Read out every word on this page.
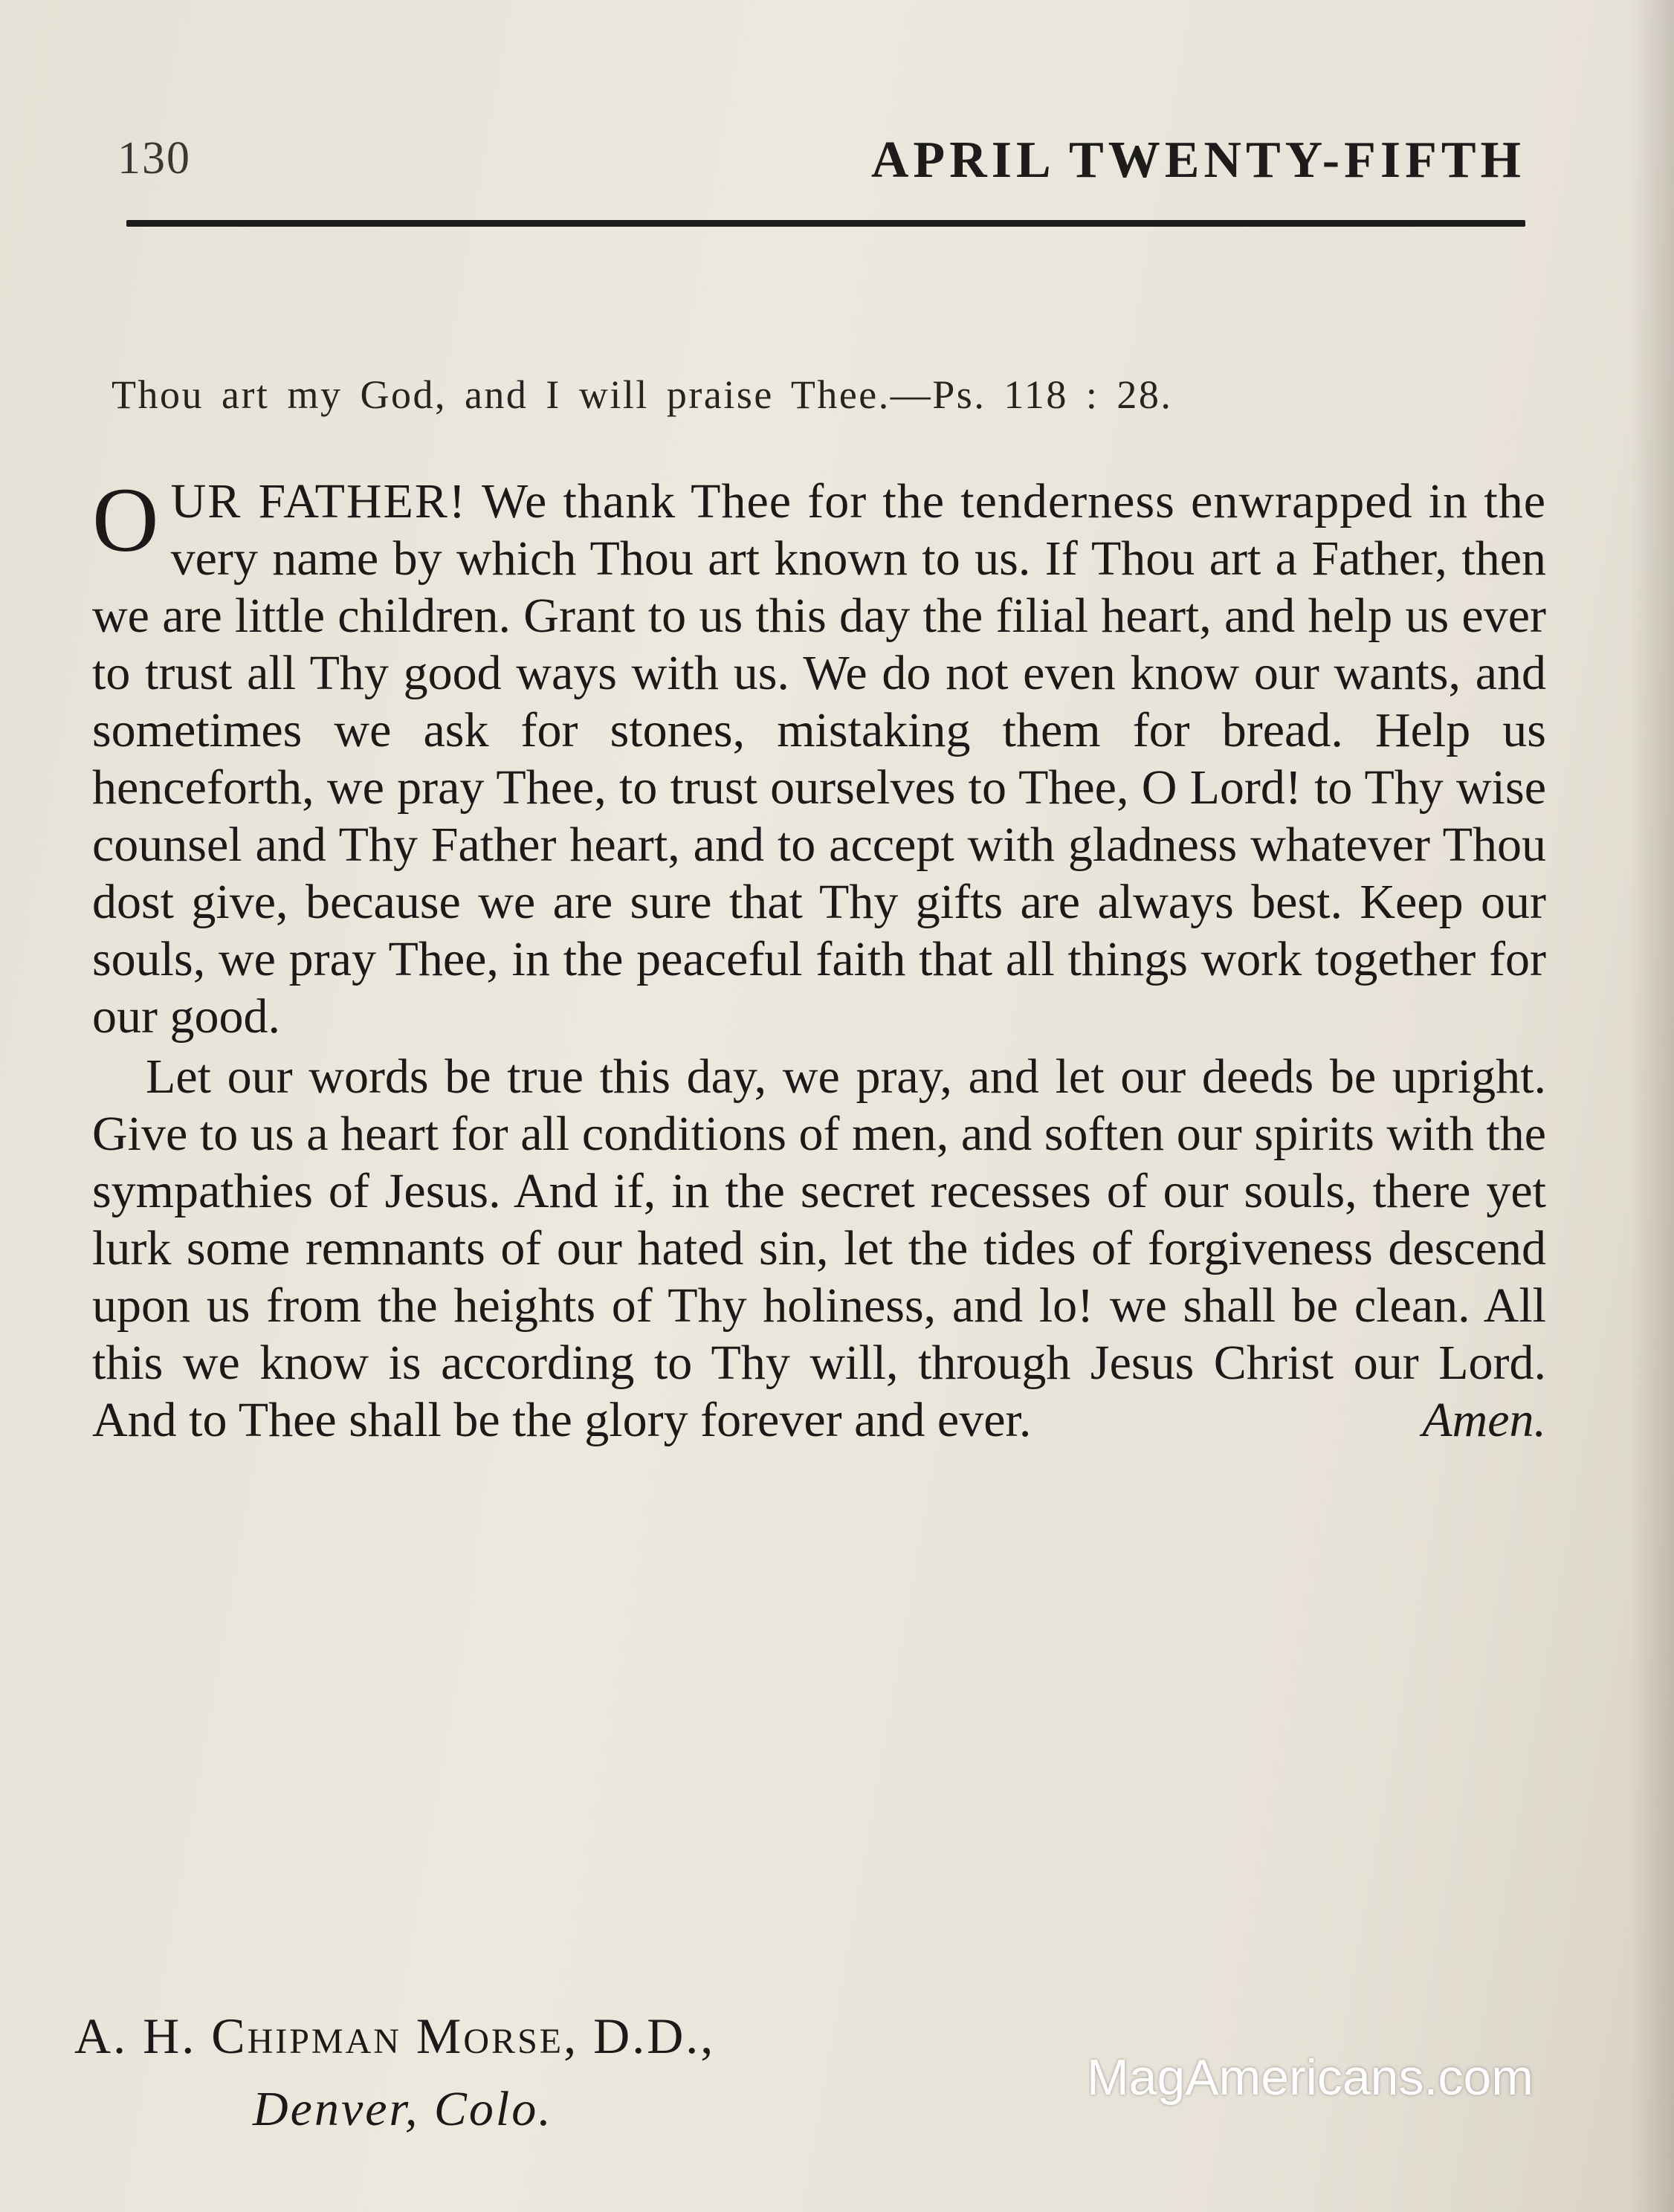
130	APRIL TWENTY-FIFTH
Thou art my God, and I will praise Thee.—Ps. 118 : 28.

OUR FATHER! We thank Thee for the tenderness enwrapped in the very name by which Thou art known to us. If Thou art a Father, then we are little children. Grant to us this day the filial heart, and help us ever to trust all Thy good ways with us. We do not even know our wants, and sometimes we ask for stones, mistaking them for bread. Help us henceforth, we pray Thee, to trust ourselves to Thee, O Lord! to Thy wise counsel and Thy Father heart, and to accept with gladness whatever Thou dost give, because we are sure that Thy gifts are always best. Keep our souls, we pray Thee, in the peaceful faith that all things work together for our good.

Let our words be true this day, we pray, and let our deeds be upright. Give to us a heart for all conditions of men, and soften our spirits with the sympathies of Jesus. And if, in the secret recesses of our souls, there yet lurk some remnants of our hated sin, let the tides of forgiveness descend upon us from the heights of Thy holiness, and lo! we shall be clean. All this we know is according to Thy will, through Jesus Christ our Lord. And to Thee shall be the glory forever and ever.	Amen.

A. H. Chipman Morse, D.D.,
Denver, Colo.
MagAmericans.com
